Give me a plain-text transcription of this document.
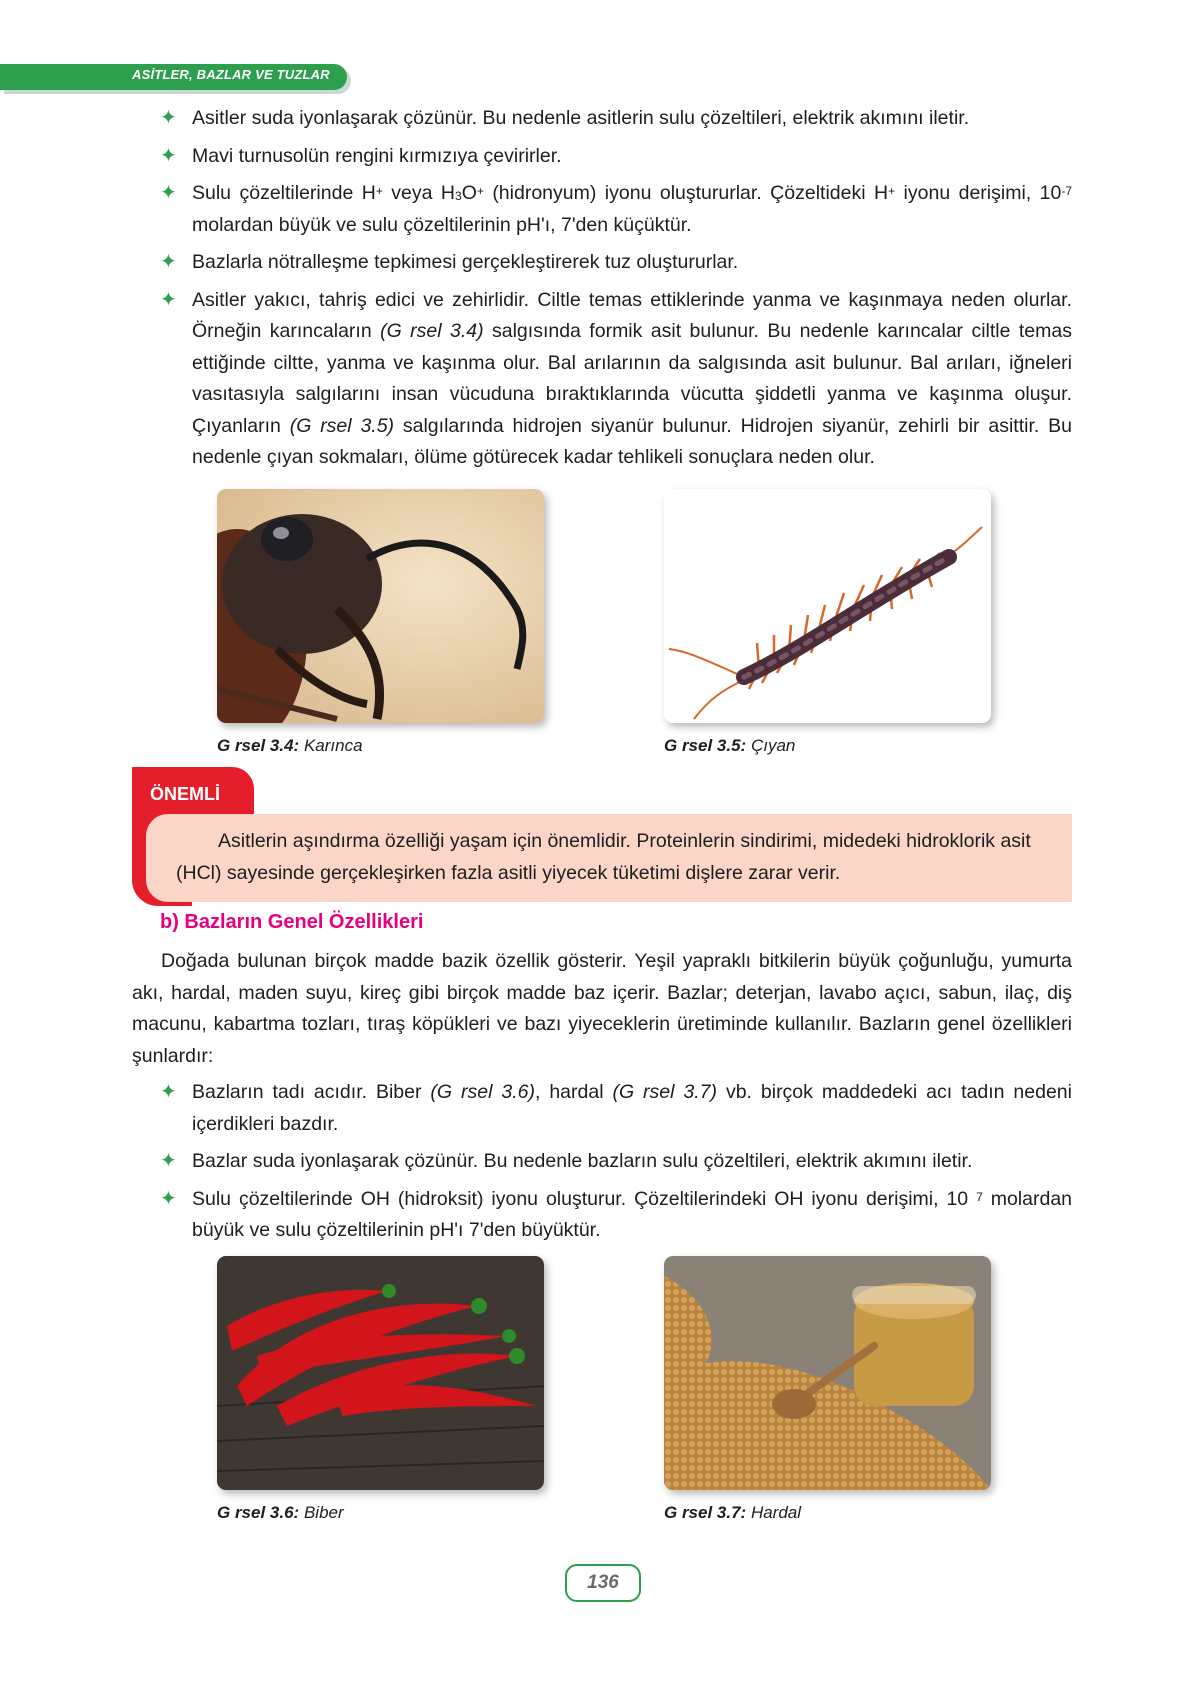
ASİTLER, BAZLAR VE TUZLAR
✦ Asitler suda iyonlaşarak çözünür. Bu nedenle asitlerin sulu çözeltileri, elektrik akımını iletir.
✦ Mavi turnusolün rengini kırmızıya çevirirler.
✦ Sulu çözeltilerinde H+ veya $H_3O^+$ (hidronyum) iyonu oluştururlar. Çözeltideki H+ iyonu derişimi, $10^{-7}$ molardan büyük ve sulu çözeltilerinin pH'ı, 7'den küçüktür.
✦ Bazlarla nötralleşme tepkimesi gerçekleştirerek tuz oluştururlar.
✦ Asitler yakıcı, tahriş edici ve zehirlidir. Ciltle temas ettiklerinde yanma ve kaşınmaya neden olurlar. Örneğin karıncaların (G rsel 3.4) salgısında formik asit bulunur. Bu nedenle karıncalar ciltle temas ettiğinde ciltte, yanma ve kaşınma olur. Bal arılarının da salgısında asit bulunur. Bal arıları, iğneleri vasıtasıyla salgılarını insan vücuduna bıraktıklarında vücutta şiddetli yanma ve kaşınma oluşur. Çıyanların (G rsel 3.5) salgılarında hidrojen siyanür bulunur. Hidrojen siyanür, zehirli bir asittir. Bu nedenle çıyan sokmaları, ölüme götürecek kadar tehlikeli sonuçlara neden olur.
G rsel 3.4: Karınca	G rsel 3.5: Çıyan
ÖNEMLİ
Asitlerin aşındırma özelliği yaşam için önemlidir. Proteinlerin sindirimi, midedeki hidroklorik asit (HCl) sayesinde gerçekleşirken fazla asitli yiyecek tüketimi dişlere zarar verir.
b) Bazların Genel Özellikleri
Doğada bulunan birçok madde bazik özellik gösterir. Yeşil yapraklı bitkilerin büyük çoğunluğu, yumurta akı, hardal, maden suyu, kireç gibi birçok madde baz içerir. Bazlar; deterjan, lavabo açıcı, sabun, ilaç, diş macunu, kabartma tozları, tıraş köpükleri ve bazı yiyeceklerin üretiminde kullanılır. Bazların genel özellikleri şunlardır:
✦ Bazların tadı acıdır. Biber (G rsel 3.6), hardal (G rsel 3.7) vb. birçok maddedeki acı tadın nedeni içerdikleri bazdır.
✦ Bazlar suda iyonlaşarak çözünür. Bu nedenle bazların sulu çözeltileri, elektrik akımını iletir.
✦ Sulu çözeltilerinde OH (hidroksit) iyonu oluşturur. Çözeltilerindeki OH iyonu derişimi, 10 $^7$ molardan büyük ve sulu çözeltilerinin pH'ı 7'den büyüktür.
G rsel 3.6: Biber	G rsel 3.7: Hardal
136
